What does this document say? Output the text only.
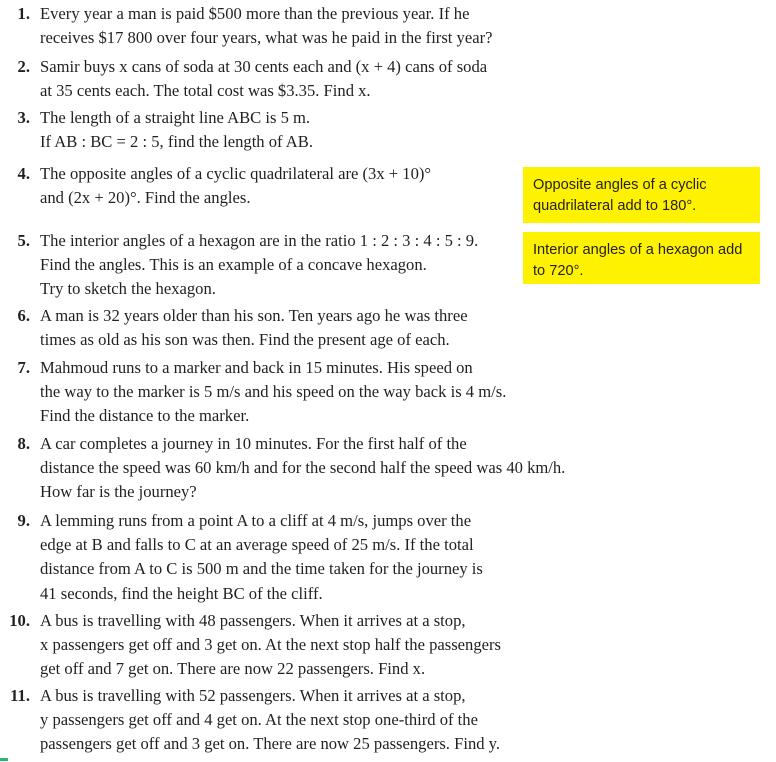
1. Every year a man is paid $500 more than the previous year. If he
receives $17 800 over four years, what was he paid in the first year?
2. Samir buys x cans of soda at 30 cents each and (x + 4) cans of soda
at 35 cents each. The total cost was $3.35. Find x.
3. The length of a straight line ABC is 5 m.
If AB : BC = 2 : 5, find the length of AB.
4. The opposite angles of a cyclic quadrilateral are (3x + 10)°
and (2x + 20)°. Find the angles.
Opposite angles of a cyclic
quadrilateral add to 180°.
5. The interior angles of a hexagon are in the ratio 1 : 2 : 3 : 4 : 5 : 9.
Find the angles. This is an example of a concave hexagon.
Try to sketch the hexagon.
Interior angles of a hexagon add
to 720°.
6. A man is 32 years older than his son. Ten years ago he was three
times as old as his son was then. Find the present age of each.
7. Mahmoud runs to a marker and back in 15 minutes. His speed on
the way to the marker is 5 m/s and his speed on the way back is 4 m/s.
Find the distance to the marker.
8. A car completes a journey in 10 minutes. For the first half of the
distance the speed was 60 km/h and for the second half the speed was 40 km/h.
How far is the journey?
9. A lemming runs from a point A to a cliff at 4 m/s, jumps over the
edge at B and falls to C at an average speed of 25 m/s. If the total
distance from A to C is 500 m and the time taken for the journey is
41 seconds, find the height BC of the cliff.
10. A bus is travelling with 48 passengers. When it arrives at a stop,
x passengers get off and 3 get on. At the next stop half the passengers
get off and 7 get on. There are now 22 passengers. Find x.
11. A bus is travelling with 52 passengers. When it arrives at a stop,
y passengers get off and 4 get on. At the next stop one-third of the
passengers get off and 3 get on. There are now 25 passengers. Find y.
